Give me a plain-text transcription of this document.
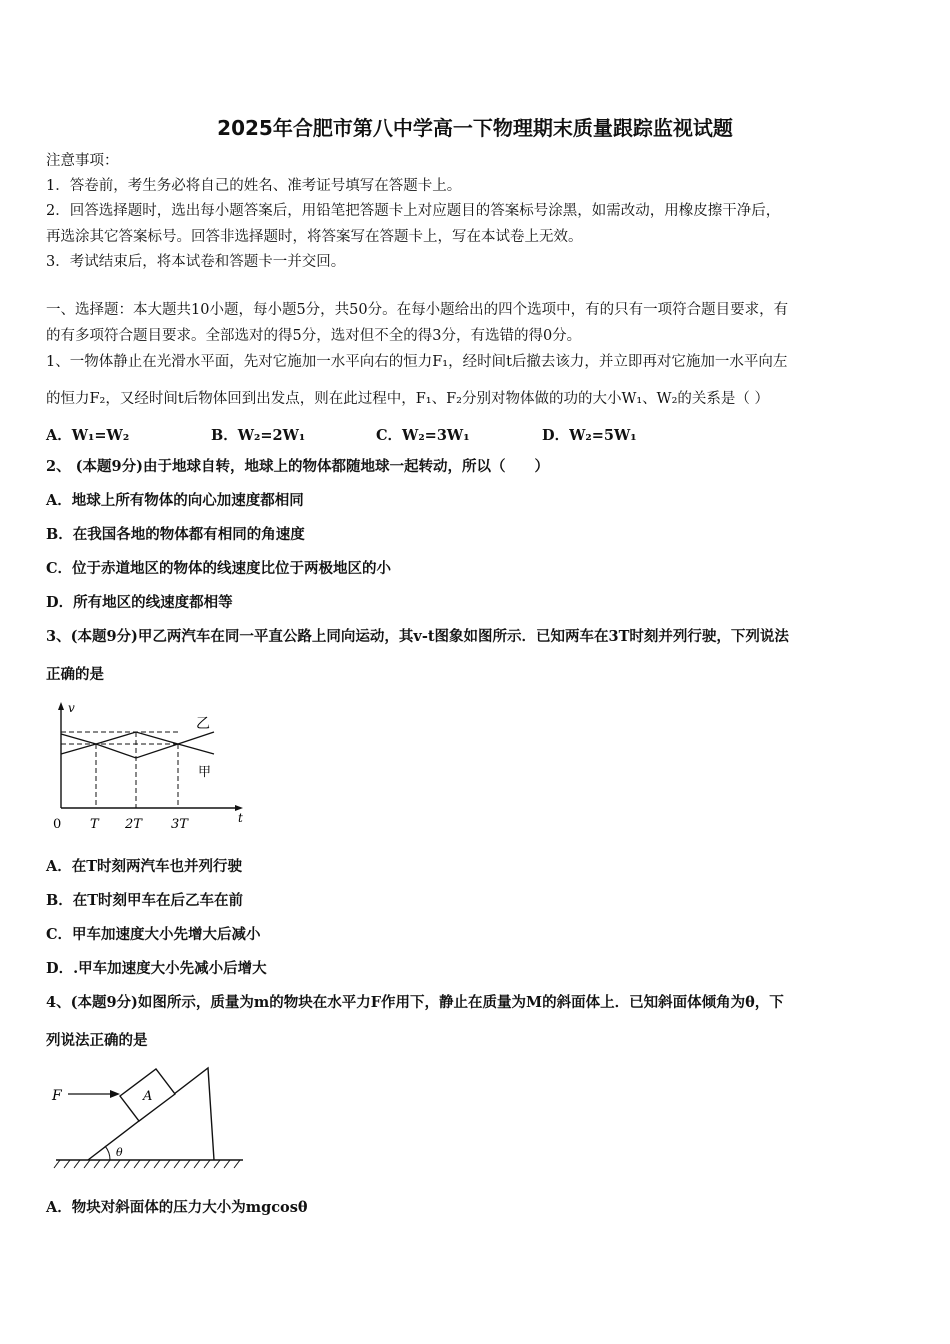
2025年合肥市第八中学高一下物理期末质量跟踪监视试题
注意事项：
1．答卷前，考生务必将自己的姓名、准考证号填写在答题卡上。
2．回答选择题时，选出每小题答案后，用铅笔把答题卡上对应题目的答案标号涂黑，如需改动，用橡皮擦干净后，
再选涂其它答案标号。回答非选择题时，将答案写在答题卡上，写在本试卷上无效。
3．考试结束后，将本试卷和答题卡一并交回。
一、选择题：本大题共10小题，每小题5分，共50分。在每小题给出的四个选项中，有的只有一项符合题目要求，有
的有多项符合题目要求。全部选对的得5分，选对但不全的得3分，有选错的得0分。
1、一物体静止在光滑水平面，先对它施加一水平向右的恒力F₁，经时间t后撤去该力，并立即再对它施加一水平向左
的恒力F₂，又经时间t后物体回到出发点，则在此过程中，F₁、F₂分别对物体做的功的大小W₁、W₂的关系是（ ）
A．W₁=W₂	B．W₂=2W₁	C．W₂=3W₁	D．W₂=5W₁
2、 (本题9分)由于地球自转，地球上的物体都随地球一起转动，所以（　　）
A．地球上所有物体的向心加速度都相同
B．在我国各地的物体都有相同的角速度
C．位于赤道地区的物体的线速度比位于两极地区的小
D．所有地区的线速度都相等
3、(本题9分)甲乙两汽车在同一平直公路上同向运动，其v-t图象如图所示．已知两车在3T时刻并列行驶，下列说法
正确的是
v
乙
甲
0 T 2T 3T	t
A．在T时刻两汽车也并列行驶
B．在T时刻甲车在后乙车在前
C．甲车加速度大小先增大后减小
D．.甲车加速度大小先减小后增大
4、(本题9分)如图所示，质量为m的物块在水平力F作用下，静止在质量为M的斜面体上．已知斜面体倾角为θ，下
列说法正确的是
F	A
θ
A．物块对斜面体的压力大小为mgcosθ
